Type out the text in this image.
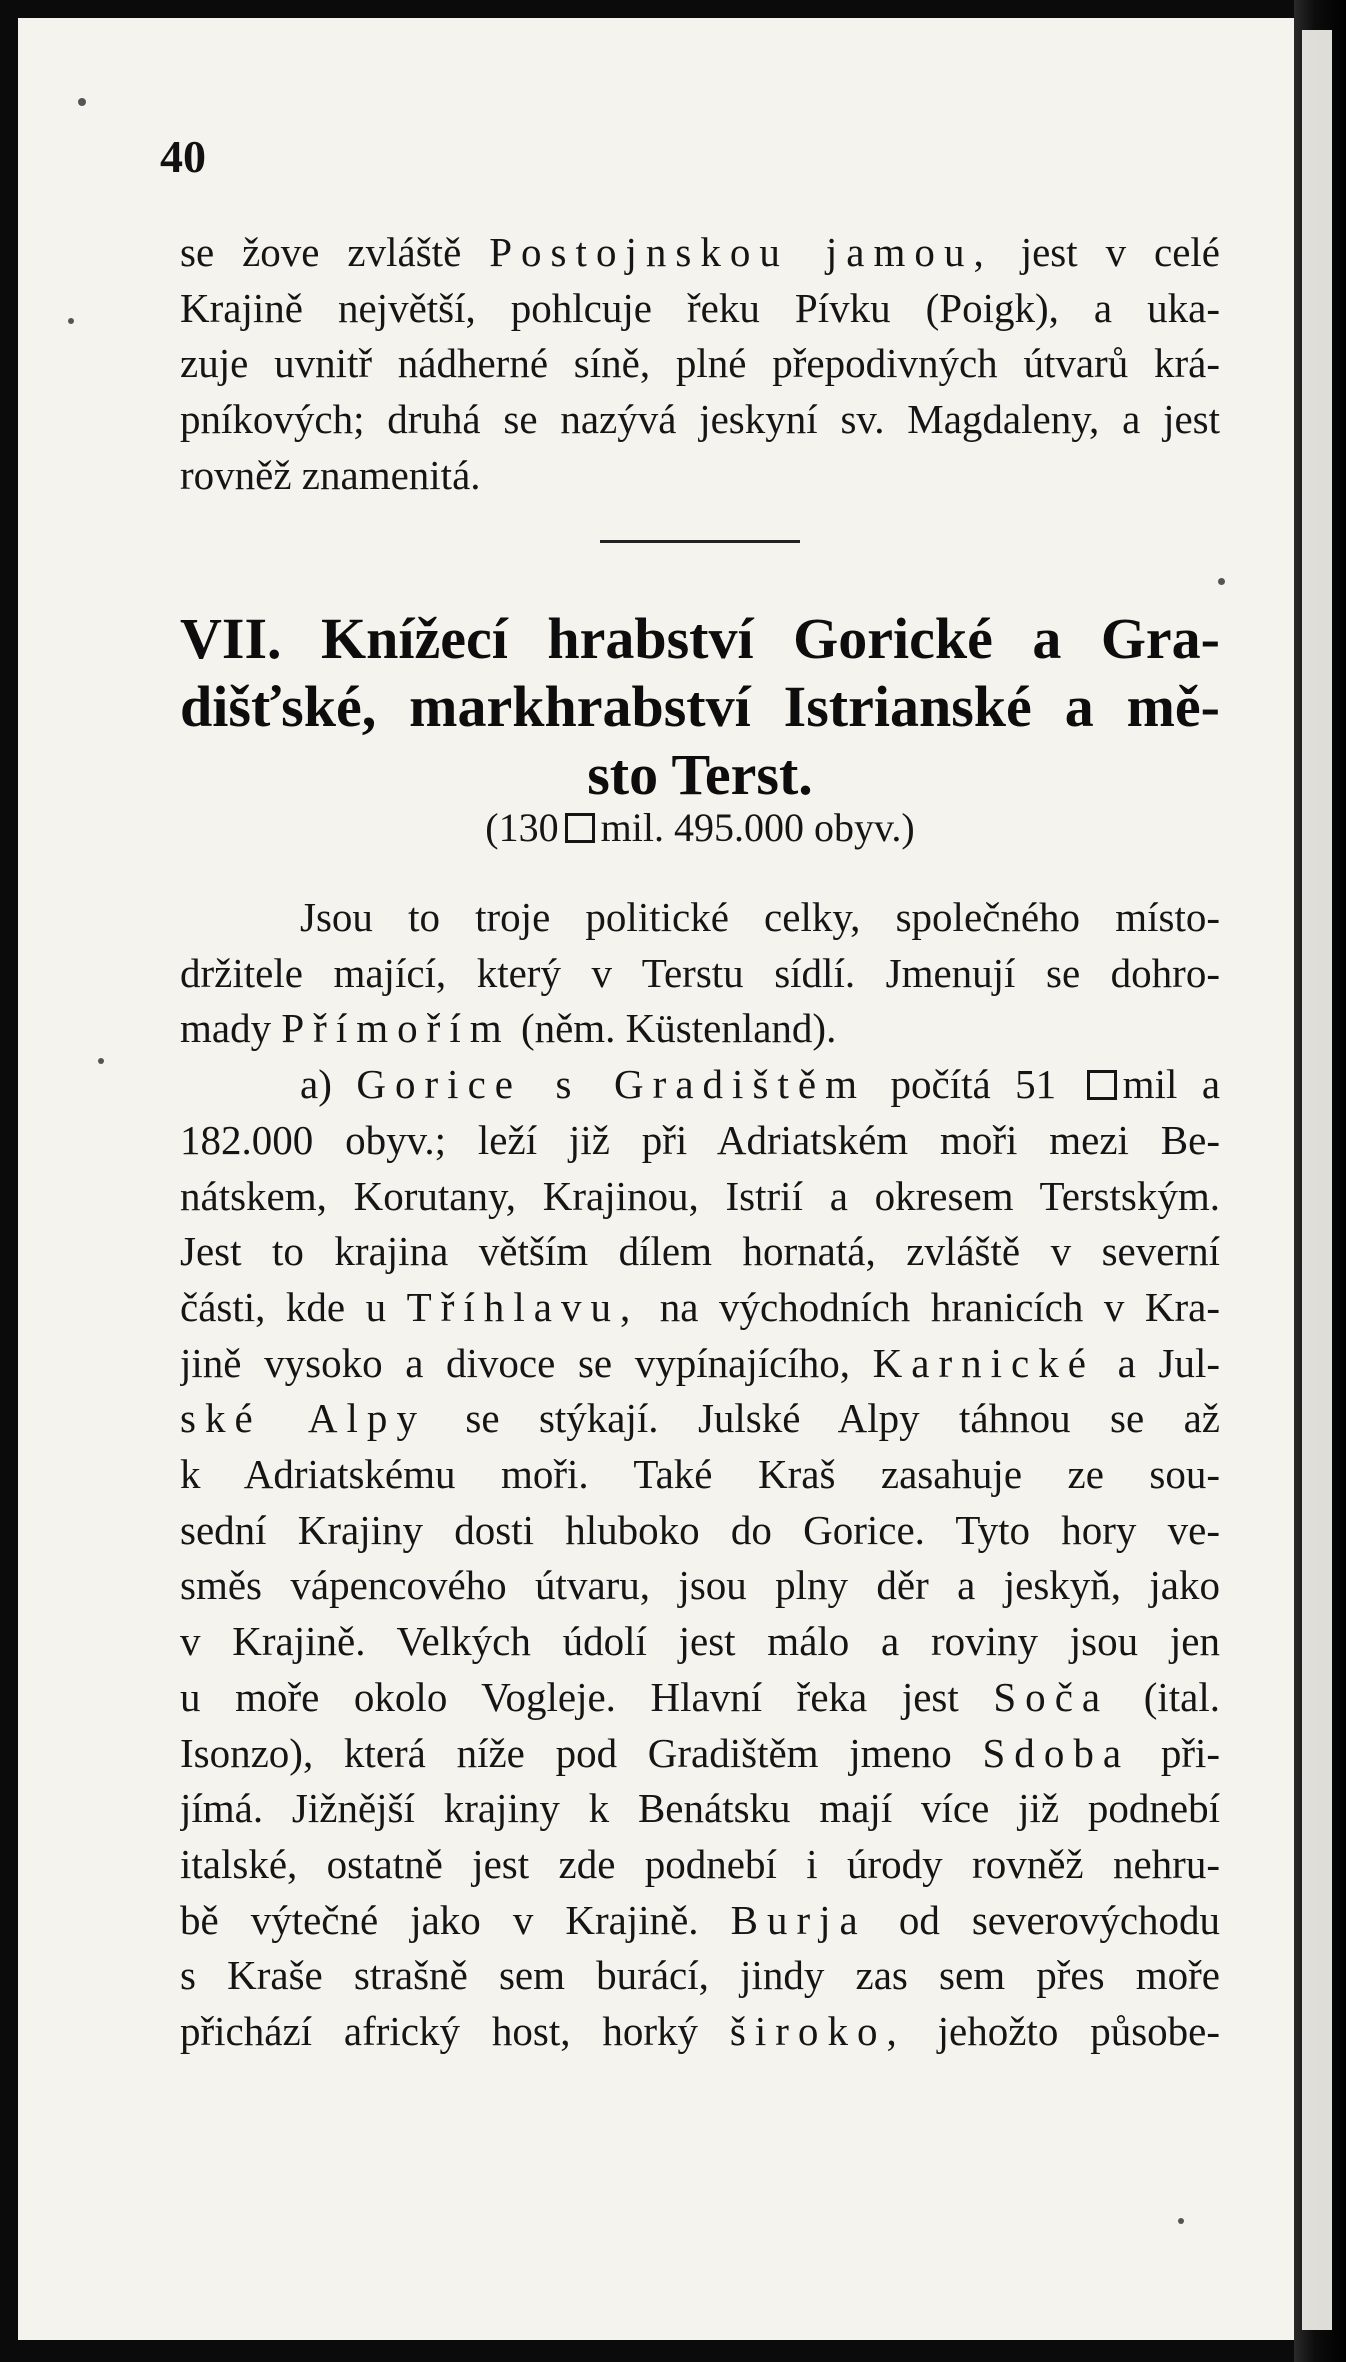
40

se žove zvláště Postojnskou jamou, jest v celé

Krajině největší, pohlcuje řeku Pívku (Poigk), a uka-

zuje uvnitř nádherné síně, plné přepodivných útvarů krá-

pníkových; druhá se nazývá jeskyní sv. Magdaleny, a jest

rovněž znamenitá.

VII. Knížecí hrabství Gorické a Gra-
dišťské, markhrabství Istrianské a mě-
sto Terst.
(130 mil. 495.000 obyv.)

Jsou to troje politické celky, společného místo-

držitele mající, který v Terstu sídlí. Jmenují se dohro-

mady Přímořím (něm. Küstenland).

a) Gorice s Gradištěm počítá 51 mil a

182.000 obyv.; leží již při Adriatském moři mezi Be-

nátskem, Korutany, Krajinou, Istrií a okresem Terstským.

Jest to krajina větším dílem hornatá, zvláště v severní

části, kde u Tříhlavu, na východních hranicích v Kra-

jině vysoko a divoce se vypínajícího, Karnické a Jul-

ské Alpy se stýkají. Julské Alpy táhnou se až

k Adriatskému moři. Také Kraš zasahuje ze sou-

sední Krajiny dosti hluboko do Gorice. Tyto hory ve-

směs vápencového útvaru, jsou plny děr a jeskyň, jako

v Krajině. Velkých údolí jest málo a roviny jsou jen

u moře okolo Vogleje. Hlavní řeka jest Soča (ital.

Isonzo), která níže pod Gradištěm jmeno Sdoba při-

jímá. Jižnější krajiny k Benátsku mají více již podnebí

italské, ostatně jest zde podnebí i úrody rovněž nehru-

bě výtečné jako v Krajině. Burja od severovýchodu

s Kraše strašně sem burácí, jindy zas sem přes moře

přichází africký host, horký široko, jehožto působe-
